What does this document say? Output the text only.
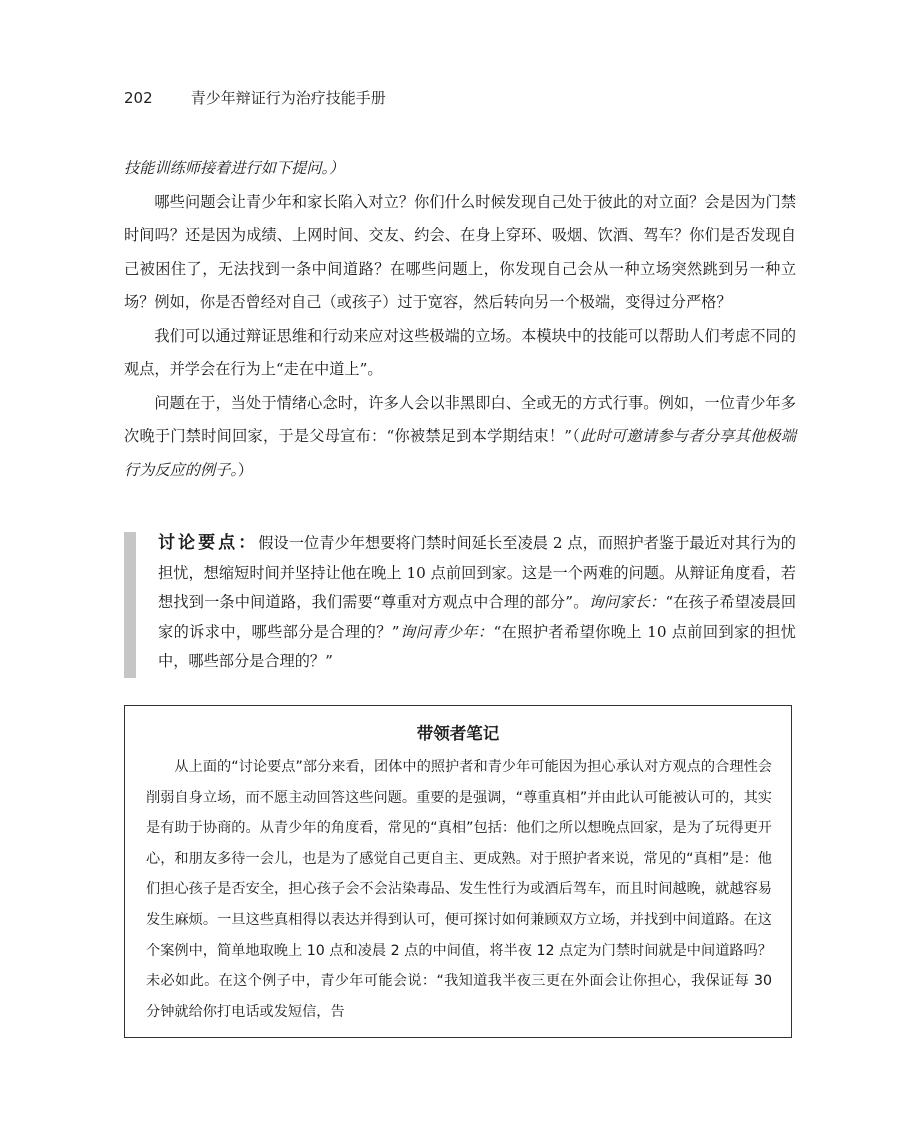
202	青少年辩证行为治疗技能手册

技能训练师接着进行如下提问。）

哪些问题会让青少年和家长陷入对立？你们什么时候发现自己处于彼此的对立面？会是因为门禁时间吗？还是因为成绩、上网时间、交友、约会、在身上穿环、吸烟、饮酒、驾车？你们是否发现自己被困住了，无法找到一条中间道路？在哪些问题上，你发现自己会从一种立场突然跳到另一种立场？例如，你是否曾经对自己（或孩子）过于宽容，然后转向另一个极端，变得过分严格？

我们可以通过辩证思维和行动来应对这些极端的立场。本模块中的技能可以帮助人们考虑不同的观点，并学会在行为上“走在中道上”。

问题在于，当处于情绪心念时，许多人会以非黑即白、全或无的方式行事。例如，一位青少年多次晚于门禁时间回家，于是父母宣布：“你被禁足到本学期结束！”（此时可邀请参与者分享其他极端行为反应的例子。）

讨论要点：假设一位青少年想要将门禁时间延长至凌晨 2 点，而照护者鉴于最近对其行为的担忧，想缩短时间并坚持让他在晚上 10 点前回到家。这是一个两难的问题。从辩证角度看，若想找到一条中间道路，我们需要“尊重对方观点中合理的部分”。询问家长：“在孩子希望凌晨回家的诉求中，哪些部分是合理的？”询问青少年：“在照护者希望你晚上 10 点前回到家的担忧中，哪些部分是合理的？”
带领者笔记
从上面的“讨论要点”部分来看，团体中的照护者和青少年可能因为担心承认对方观点的合理性会削弱自身立场，而不愿主动回答这些问题。重要的是强调，“尊重真相”并由此认可能被认可的，其实是有助于协商的。从青少年的角度看，常见的“真相”包括：他们之所以想晚点回家，是为了玩得更开心，和朋友多待一会儿，也是为了感觉自己更自主、更成熟。对于照护者来说，常见的“真相”是：他们担心孩子是否安全，担心孩子会不会沾染毒品、发生性行为或酒后驾车，而且时间越晚，就越容易发生麻烦。一旦这些真相得以表达并得到认可，便可探讨如何兼顾双方立场，并找到中间道路。在这个案例中，简单地取晚上 10 点和凌晨 2 点的中间值，将半夜 12 点定为门禁时间就是中间道路吗？未必如此。在这个例子中，青少年可能会说：“我知道我半夜三更在外面会让你担心，我保证每 30 分钟就给你打电话或发短信，告
